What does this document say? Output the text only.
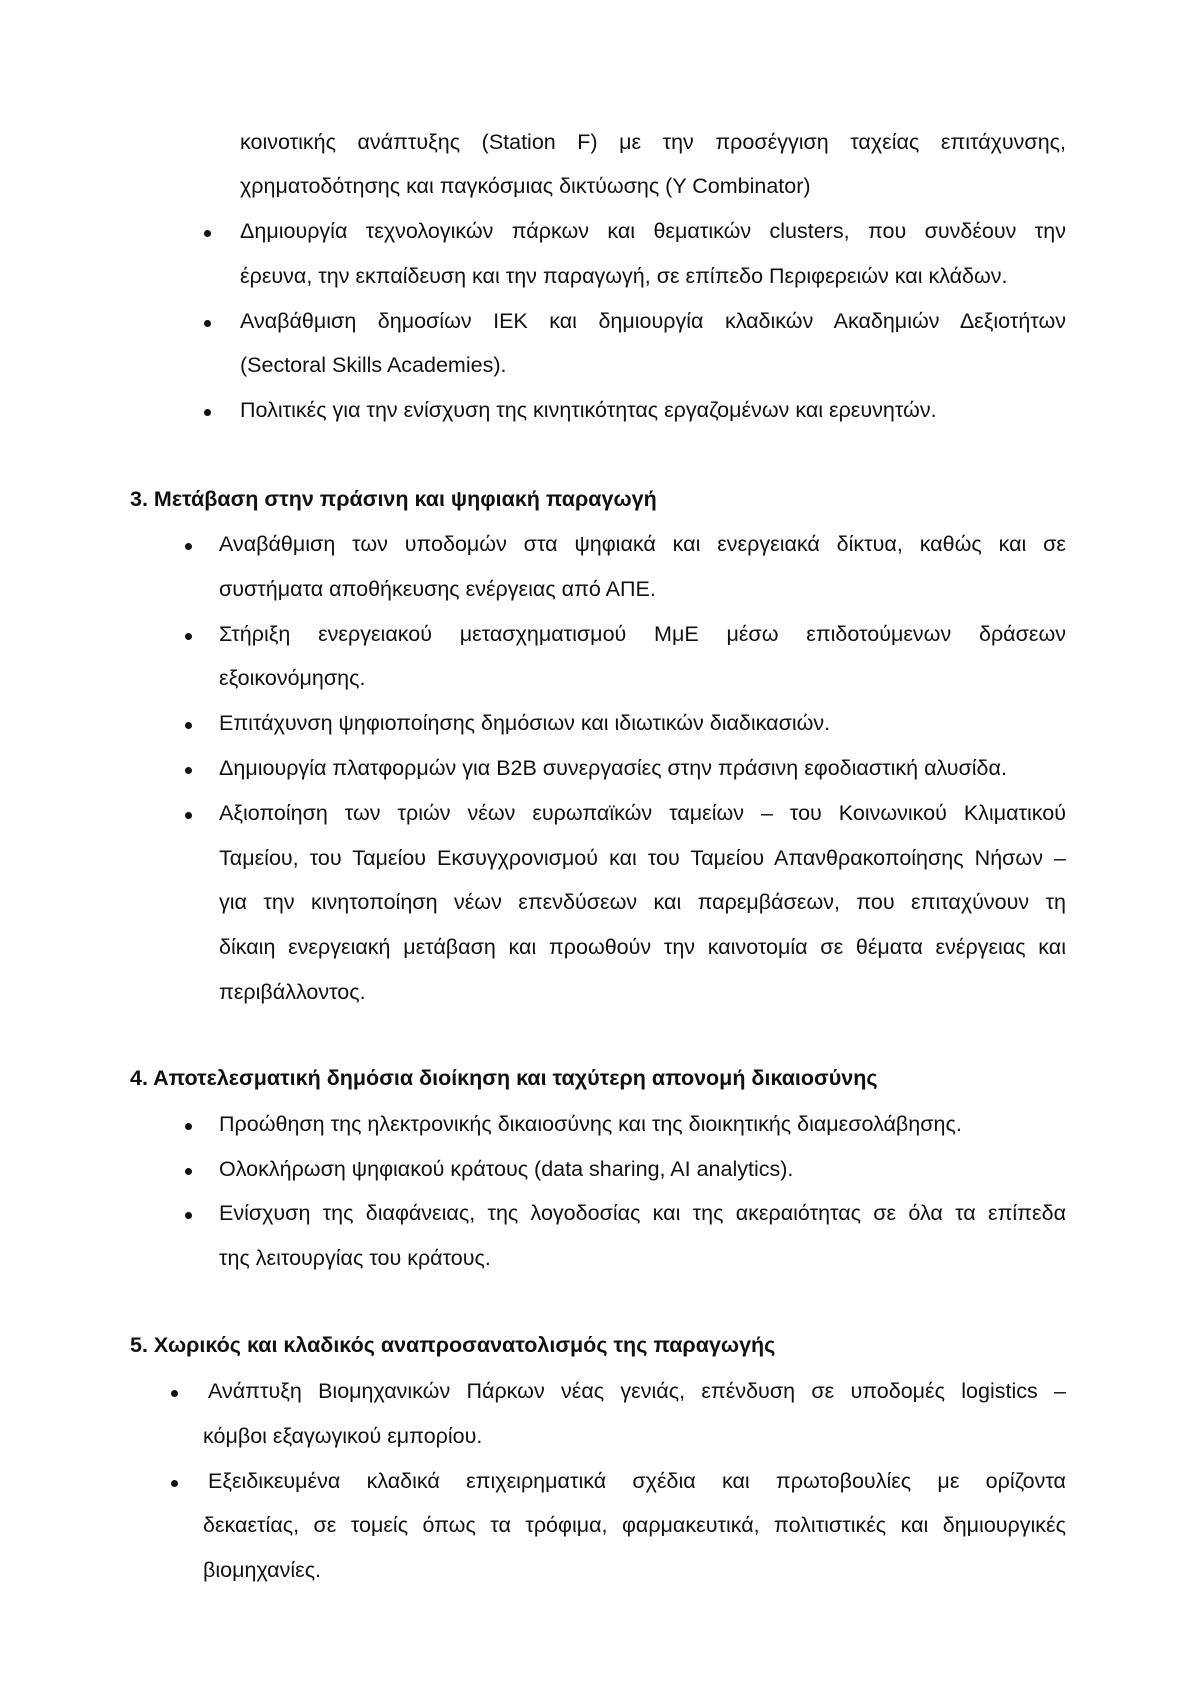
κοινοτικής ανάπτυξης (Station F) με την προσέγγιση ταχείας επιτάχυνσης,
χρηματοδότησης και παγκόσμιας δικτύωσης (Y Combinator)
Δημιουργία τεχνολογικών πάρκων και θεματικών clusters, που συνδέουν την
έρευνα, την εκπαίδευση και την παραγωγή, σε επίπεδο Περιφερειών και κλάδων.
Αναβάθμιση δημοσίων ΙΕΚ και δημιουργία κλαδικών Ακαδημιών Δεξιοτήτων
(Sectoral Skills Academies).
Πολιτικές για την ενίσχυση της κινητικότητας εργαζομένων και ερευνητών.
3. Μετάβαση στην πράσινη και ψηφιακή παραγωγή
Αναβάθμιση των υποδομών στα ψηφιακά και ενεργειακά δίκτυα, καθώς και σε
συστήματα αποθήκευσης ενέργειας από ΑΠΕ.
Στήριξη ενεργειακού μετασχηματισμού ΜμΕ μέσω επιδοτούμενων δράσεων
εξοικονόμησης.
Επιτάχυνση ψηφιοποίησης δημόσιων και ιδιωτικών διαδικασιών.
Δημιουργία πλατφορμών για B2B συνεργασίες στην πράσινη εφοδιαστική αλυσίδα.
Αξιοποίηση των τριών νέων ευρωπαϊκών ταμείων – του Κοινωνικού Κλιματικού
Ταμείου, του Ταμείου Εκσυγχρονισμού και του Ταμείου Απανθρακοποίησης Νήσων –
για την κινητοποίηση νέων επενδύσεων και παρεμβάσεων, που επιταχύνουν τη
δίκαιη ενεργειακή μετάβαση και προωθούν την καινοτομία σε θέματα ενέργειας και
περιβάλλοντος.
4. Αποτελεσματική δημόσια διοίκηση και ταχύτερη απονομή δικαιοσύνης
Προώθηση της ηλεκτρονικής δικαιοσύνης και της διοικητικής διαμεσολάβησης.
Ολοκλήρωση ψηφιακού κράτους (data sharing, AI analytics).
Ενίσχυση της διαφάνειας, της λογοδοσίας και της ακεραιότητας σε όλα τα επίπεδα
της λειτουργίας του κράτους.
5. Χωρικός και κλαδικός αναπροσανατολισμός της παραγωγής
Ανάπτυξη Βιομηχανικών Πάρκων νέας γενιάς, επένδυση σε υποδομές logistics –
κόμβοι εξαγωγικού εμπορίου.
Εξειδικευμένα κλαδικά επιχειρηματικά σχέδια και πρωτοβουλίες με ορίζοντα
δεκαετίας, σε τομείς όπως τα τρόφιμα, φαρμακευτικά, πολιτιστικές και δημιουργικές
βιομηχανίες.
